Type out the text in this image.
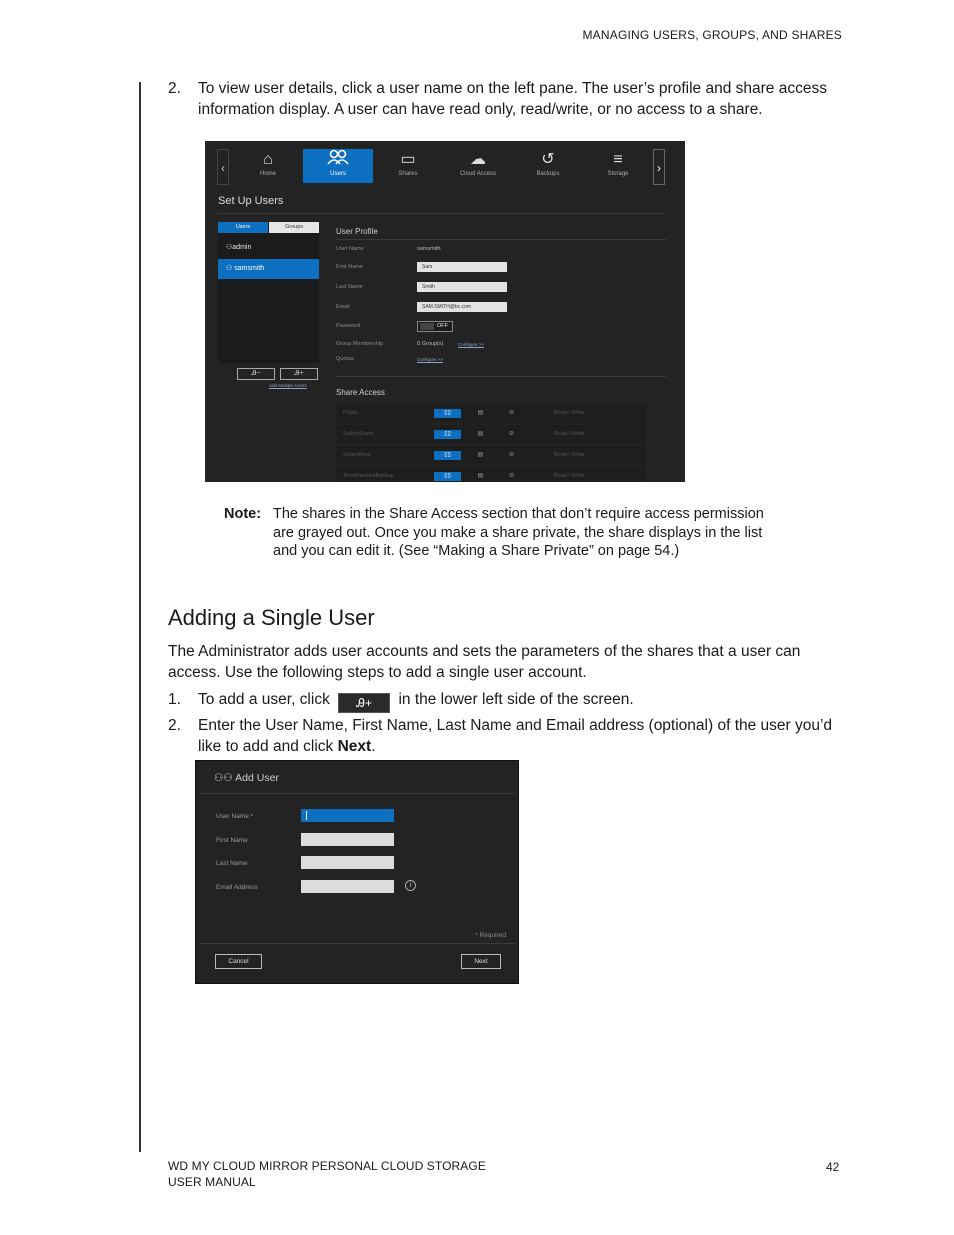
MANAGING USERS, GROUPS, AND SHARES
2. To view user details, click a user name on the left pane. The user’s profile and share access information display. A user can have read only, read/write, or no access to a share.
‹	⌂
Home	Users
▭
Shares
☁
Cloud Access
↺
Backups
≡
Storage	›
Set Up Users
Users	Groups
⚇admin
⚇ samsmith
Ꭿ−	Ꭿ+
Add Multiple Users
User Profile
User Name	samsmith
First Name	Sam
Last Name	Smith
Email	SAM.SMITH@bc.com
Password	OFF
Group Membership	0 Group(s)	Configure >>
Quotas	Configure >>
Share Access
Public	▯▯	▤	⊘	Read / Write
SafetyShare	▯▯	▤	⊘	Read / Write
SmartWare	▯▯	▤	⊘	Read / Write
TimeMachineBackup	▯▯	▤	⊘	Read / Write
Note: The shares in the Share Access section that don’t require access permission are grayed out. Once you make a share private, the share displays in the list and you can edit it. (See “Making a Share Private” on page 54.)
Adding a Single User
The Administrator adds user accounts and sets the parameters of the shares that a user can access. Use the following steps to add a single user account.
1. To add a user, click Ꭿ+ in the lower left side of the screen.
2. Enter the User Name, First Name, Last Name and Email address (optional) of the user you’d like to add and click Next.
⚇⚇ Add User
User Name *
First Name
Last Name
Email Address	i
* Required
Cancel	Next
WD MY CLOUD MIRROR PERSONAL CLOUD STORAGE
USER MANUAL
42
